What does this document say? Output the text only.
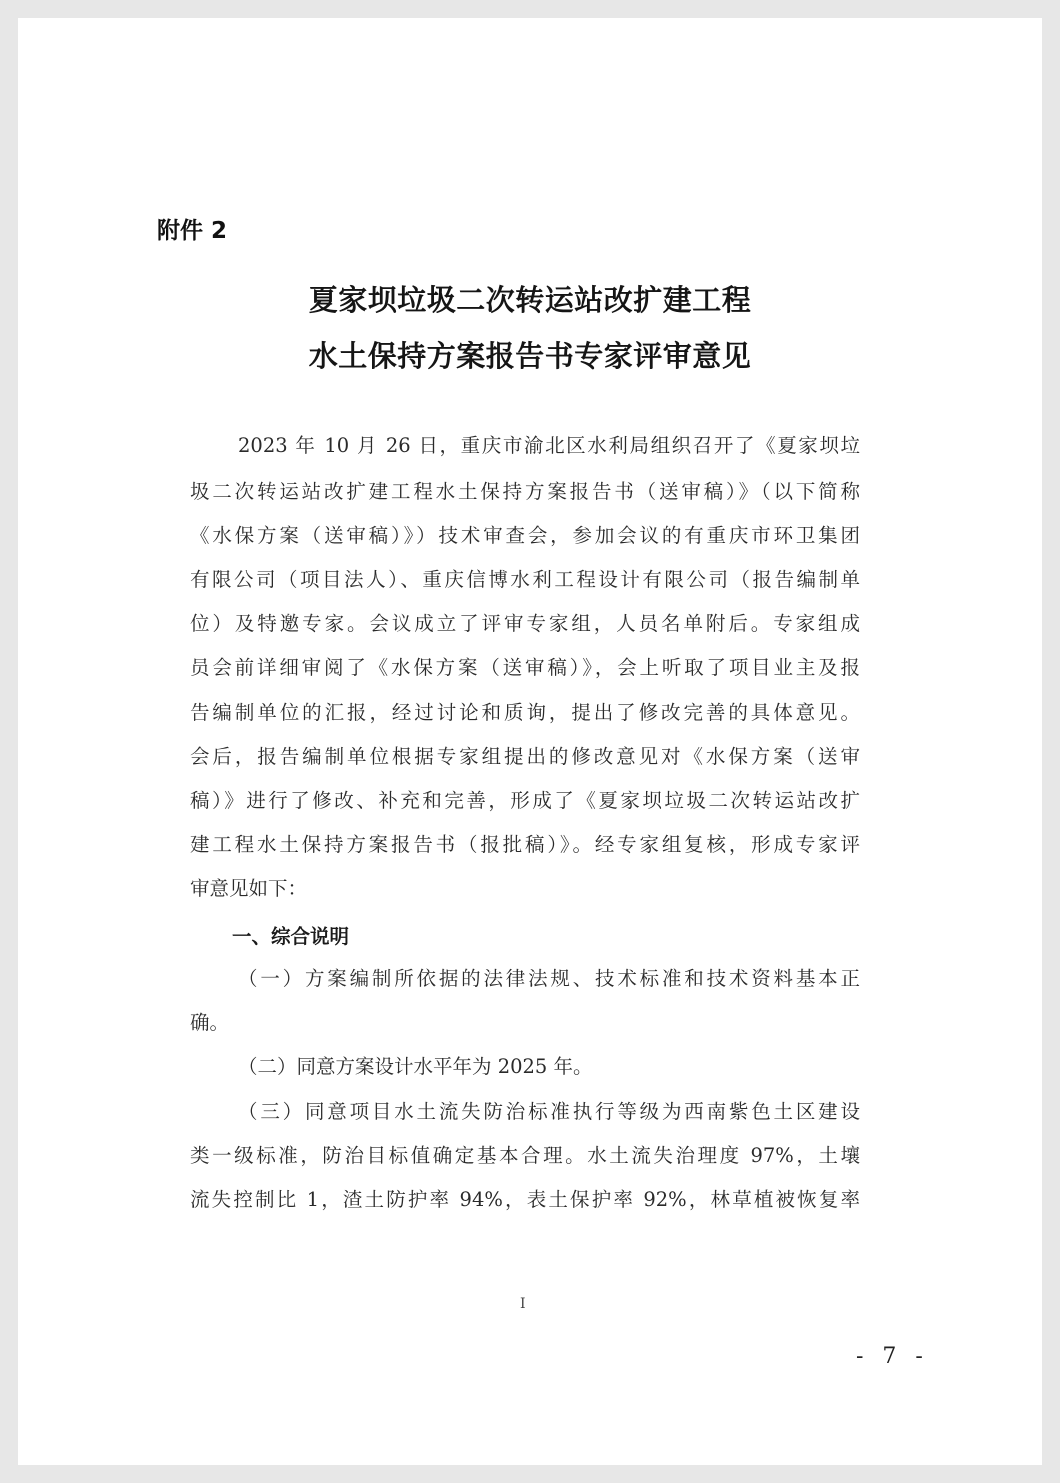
附件 2
夏家坝垃圾二次转运站改扩建工程
水土保持方案报告书专家评审意见
2023 年 10 月 26 日，重庆市渝北区水利局组织召开了《夏家坝垃
圾二次转运站改扩建工程水土保持方案报告书（送审稿）》（以下简称
《水保方案（送审稿）》）技术审查会，参加会议的有重庆市环卫集团
有限公司（项目法人）、重庆信博水利工程设计有限公司（报告编制单
位）及特邀专家。会议成立了评审专家组，人员名单附后。专家组成
员会前详细审阅了《水保方案（送审稿）》，会上听取了项目业主及报
告编制单位的汇报，经过讨论和质询，提出了修改完善的具体意见。
会后，报告编制单位根据专家组提出的修改意见对《水保方案（送审
稿）》进行了修改、补充和完善，形成了《夏家坝垃圾二次转运站改扩
建工程水土保持方案报告书（报批稿）》。经专家组复核，形成专家评
审意见如下：
一、综合说明
（一）方案编制所依据的法律法规、技术标准和技术资料基本正
确。
（二）同意方案设计水平年为 2025 年。
（三）同意项目水土流失防治标准执行等级为西南紫色土区建设
类一级标准，防治目标值确定基本合理。水土流失治理度 97%，土壤
流失控制比 1，渣土防护率 94%，表土保护率 92%，林草植被恢复率
I
- 7 -
